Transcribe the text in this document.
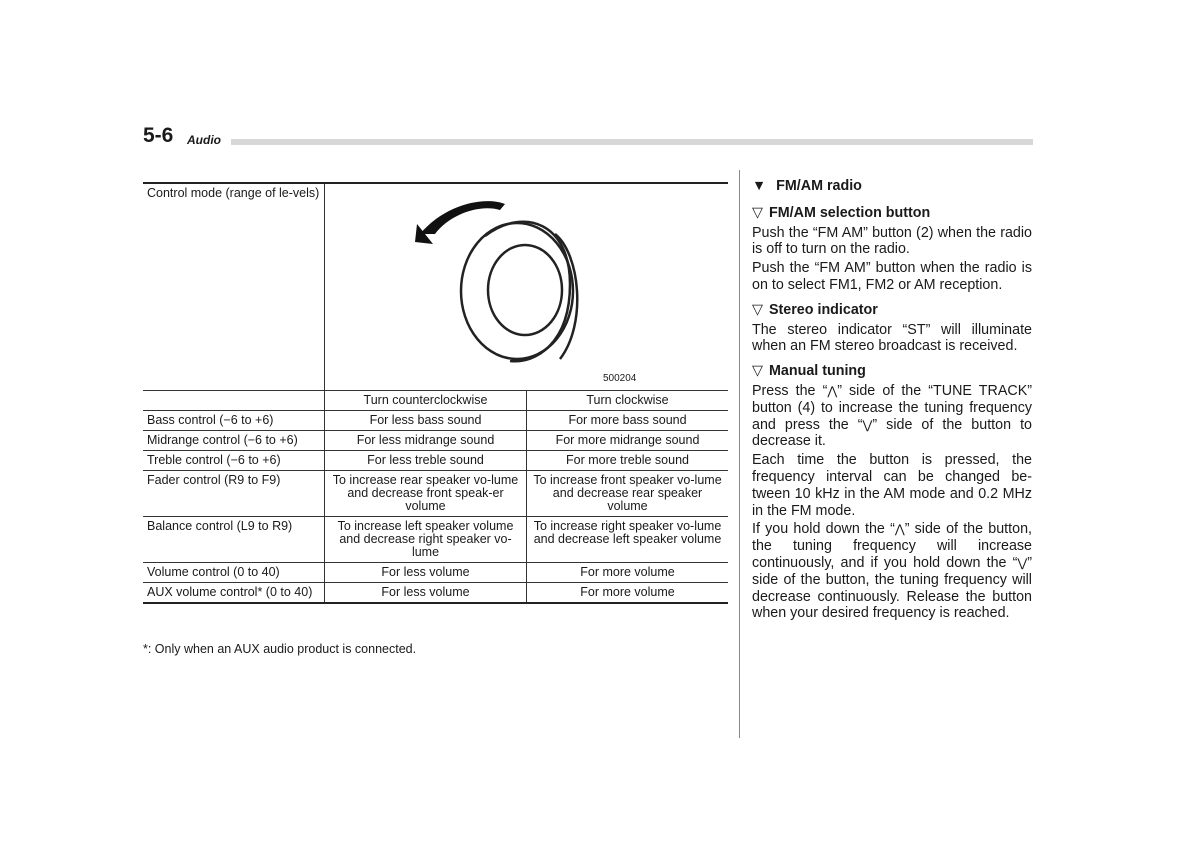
5-6 Audio
Control mode (range of le-vels)	500204	

	Turn counterclockwise	Turn clockwise
Bass control (−6 to +6)	For less bass sound	For more bass sound
Midrange control (−6 to +6)	For less midrange sound	For more midrange sound
Treble control (−6 to +6)	For less treble sound	For more treble sound
Fader control (R9 to F9)	To increase rear speaker vo-lume and decrease front speak-er volume	To increase front speaker vo-lume and decrease rear speaker volume
Balance control (L9 to R9)	To increase left speaker volume and decrease right speaker vo-lume	To increase right speaker vo-lume and decrease left speaker volume
Volume control (0 to 40)	For less volume	For more volume
AUX volume control* (0 to 40)	For less volume	For more volume
*: Only when an AUX audio product is connected.
▼ FM/AM radio
▽ FM/AM selection button

Push the “FM AM” button (2) when the radio is off to turn on the radio.

Push the “FM AM” button when the radio is on to select FM1, FM2 or AM reception.

▽ Stereo indicator

The stereo indicator “ST” will illuminate when an FM stereo broadcast is received.

▽ Manual tuning

Press the “⋀” side of the “TUNE TRACK” button (4) to increase the tuning frequency and press the “⋁” side of the button to decrease it.

Each time the button is pressed, the frequency interval can be changed be-tween 10 kHz in the AM mode and 0.2 MHz in the FM mode.

If you hold down the “⋀” side of the button, the tuning frequency will increase continuously, and if you hold down the “⋁” side of the button, the tuning frequency will decrease continuously. Release the button when your desired frequency is reached.
